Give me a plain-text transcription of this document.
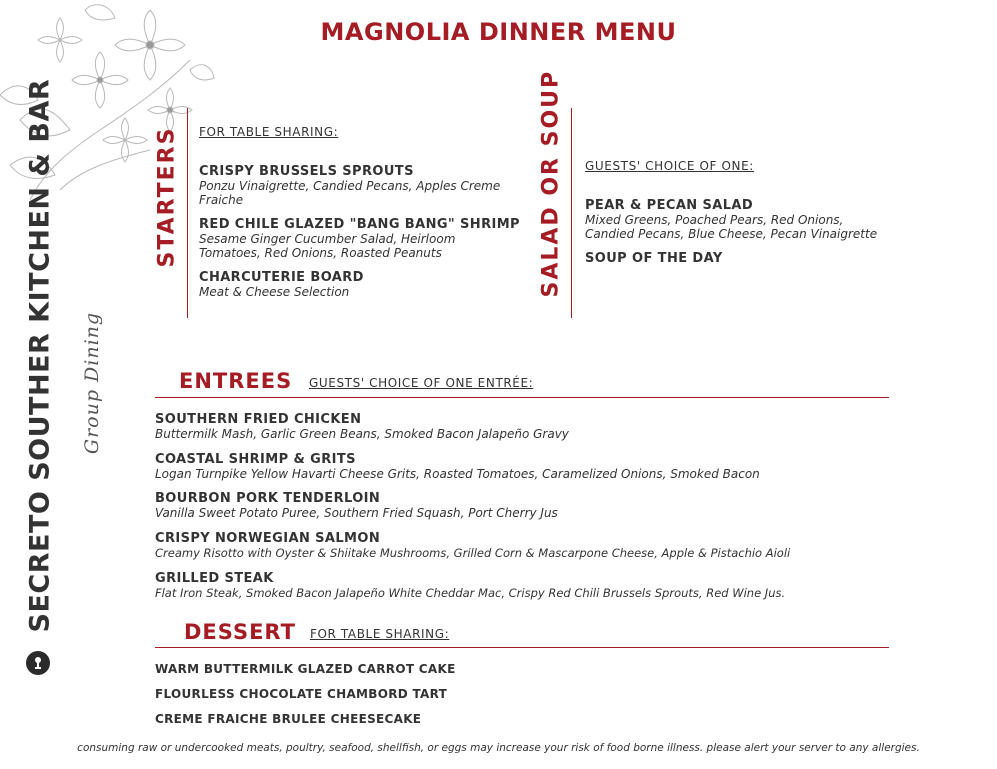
SECRETO SOUTHER KITCHEN & BAR Group Dining
MAGNOLIA DINNER MENU
STARTERS FOR TABLE SHARING:
CRISPY BRUSSELS SPROUTS
Ponzu Vinaigrette, Candied Pecans, Apples Creme Fraiche
RED CHILE GLAZED "BANG BANG" SHRIMP
Sesame Ginger Cucumber Salad, Heirloom Tomatoes, Red Onions, Roasted Peanuts
CHARCUTERIE BOARD
Meat & Cheese Selection	SALAD OR SOUP GUESTS' CHOICE OF ONE:
PEAR & PECAN SALAD
Mixed Greens, Poached Pears, Red Onions, Candied Pecans, Blue Cheese, Pecan Vinaigrette
SOUP OF THE DAY
ENTREES GUESTS' CHOICE OF ONE ENTRÉE:
SOUTHERN FRIED CHICKEN
Buttermilk Mash, Garlic Green Beans, Smoked Bacon Jalapeño Gravy
COASTAL SHRIMP & GRITS
Logan Turnpike Yellow Havarti Cheese Grits, Roasted Tomatoes, Caramelized Onions, Smoked Bacon
BOURBON PORK TENDERLOIN
Vanilla Sweet Potato Puree, Southern Fried Squash, Port Cherry Jus
CRISPY NORWEGIAN SALMON
Creamy Risotto with Oyster & Shiitake Mushrooms, Grilled Corn & Mascarpone Cheese, Apple & Pistachio Aioli
GRILLED STEAK
Flat Iron Steak, Smoked Bacon Jalapeño White Cheddar Mac, Crispy Red Chili Brussels Sprouts, Red Wine Jus.
DESSERT FOR TABLE SHARING:
WARM BUTTERMILK GLAZED CARROT CAKE
FLOURLESS CHOCOLATE CHAMBORD TART
CREME FRAICHE BRULEE CHEESECAKE
consuming raw or undercooked meats, poultry, seafood, shellfish, or eggs may increase your risk of food borne illness. please alert your server to any allergies.
